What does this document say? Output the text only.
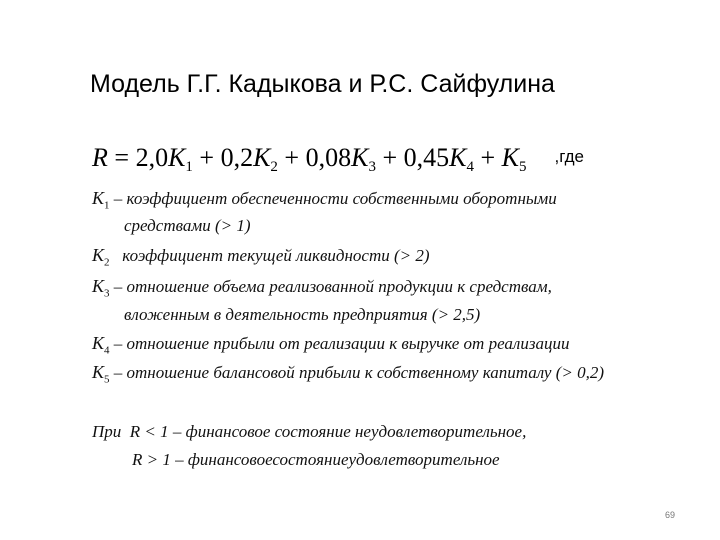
Модель Г.Г. Кадыкова и Р.С. Сайфулина
$R = 2,0K_1 + 0,2K_2 + 0,08K_3 + 0,45K_4 + K_5,где$
$K_1$ – коэффициент обеспеченности собственными оборотными
средствами (> 1)
$K_2$ коэффициент текущей ликвидности (> 2)
$K_3$ – отношение объема реализованной продукции к средствам,
вложенным в деятельность предприятия (> 2,5)
$K_4$ – отношение прибыли от реализации к выручке от реализации
$K_5$ – отношение балансовой прибыли к собственному капиталу (> 0,2)
При R < 1 – финансовое состояние неудовлетворительное,
R > 1 – финансовоесостояниеудовлетворительное
69
